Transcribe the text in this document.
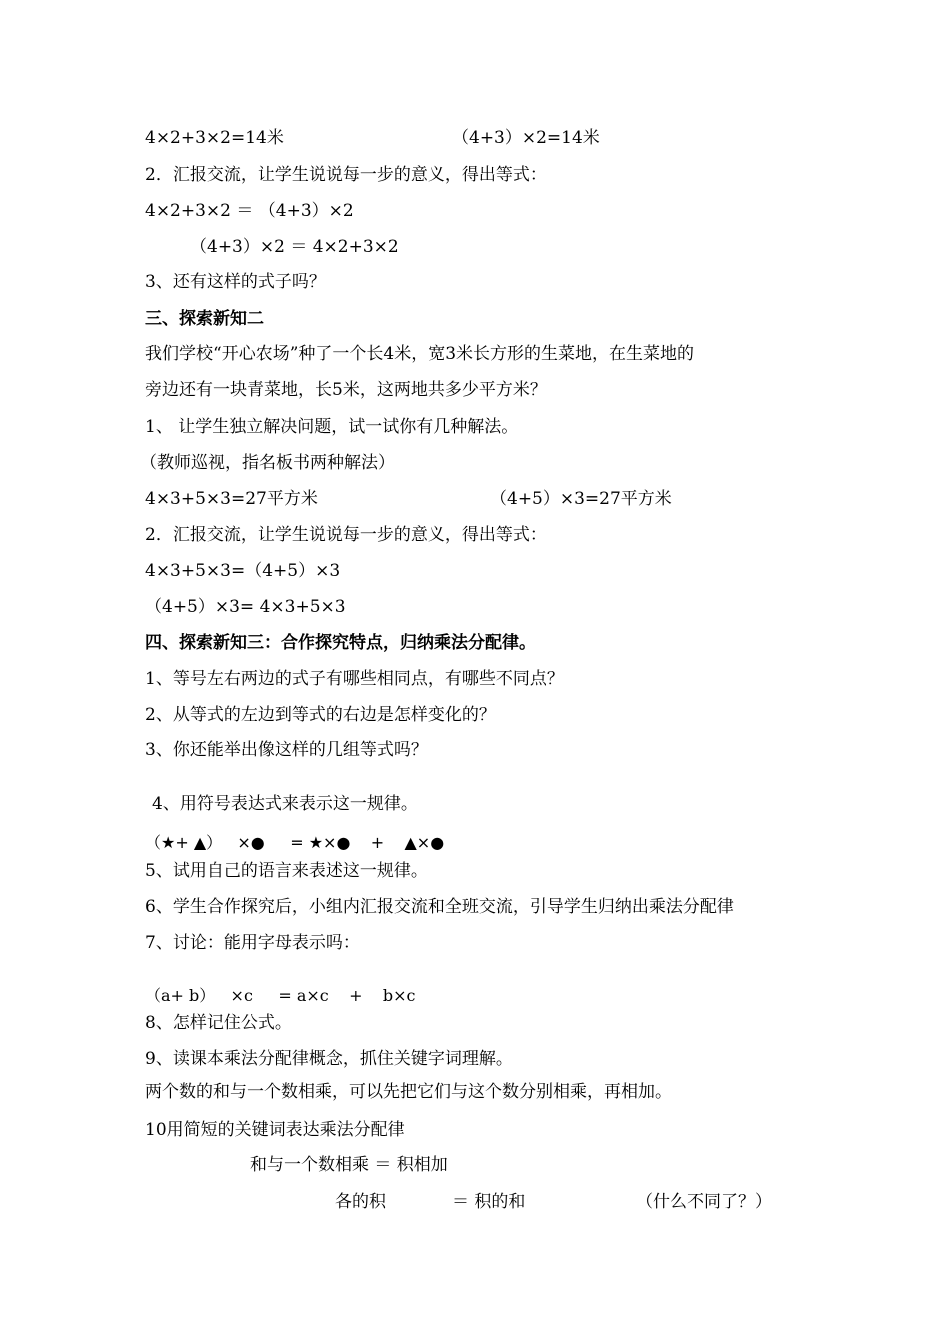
4×2+3×2=14米	（4+3）×2=14米
2．汇报交流，让学生说说每一步的意义，得出等式：
4×2+3×2 ＝ （4+3）×2
（4+3）×2 ＝ 4×2+3×2
3、还有这样的式子吗？
三、探索新知二
我们学校“开心农场”种了一个长4米，宽3米长方形的生菜地，在生菜地的
旁边还有一块青菜地，长5米，这两地共多少平方米？
1、 让学生独立解决问题，试一试你有几种解法。
（教师巡视，指名板书两种解法）
4×3+5×3=27平方米	（4+5）×3=27平方米
2．汇报交流，让学生说说每一步的意义，得出等式：
4×3+5×3=（4+5）×3
（4+5）×3= 4×3+5×3
四、探索新知三：合作探究特点，归纳乘法分配律。
1、等号左右两边的式子有哪些相同点，有哪些不同点？
2、从等式的左边到等式的右边是怎样变化的？
3、你还能举出像这样的几组等式吗？
4、用符号表达式来表示这一规律。
（★+ ▲）   ×●     = ★×●    +    ▲×●
5、试用自己的语言来表述这一规律。
6、学生合作探究后，小组内汇报交流和全班交流，引导学生归纳出乘法分配律
7、讨论：能用字母表示吗：
（a+ b）   ×c     = a×c    +    b×c
8、怎样记住公式。
9、读课本乘法分配律概念，抓住关键字词理解。
两个数的和与一个数相乘，可以先把它们与这个数分别相乘，再相加。
10用简短的关键词表达乘法分配律
和与一个数相乘 ＝ 积相加
各的积	＝ 积的和	（什么不同了？）
